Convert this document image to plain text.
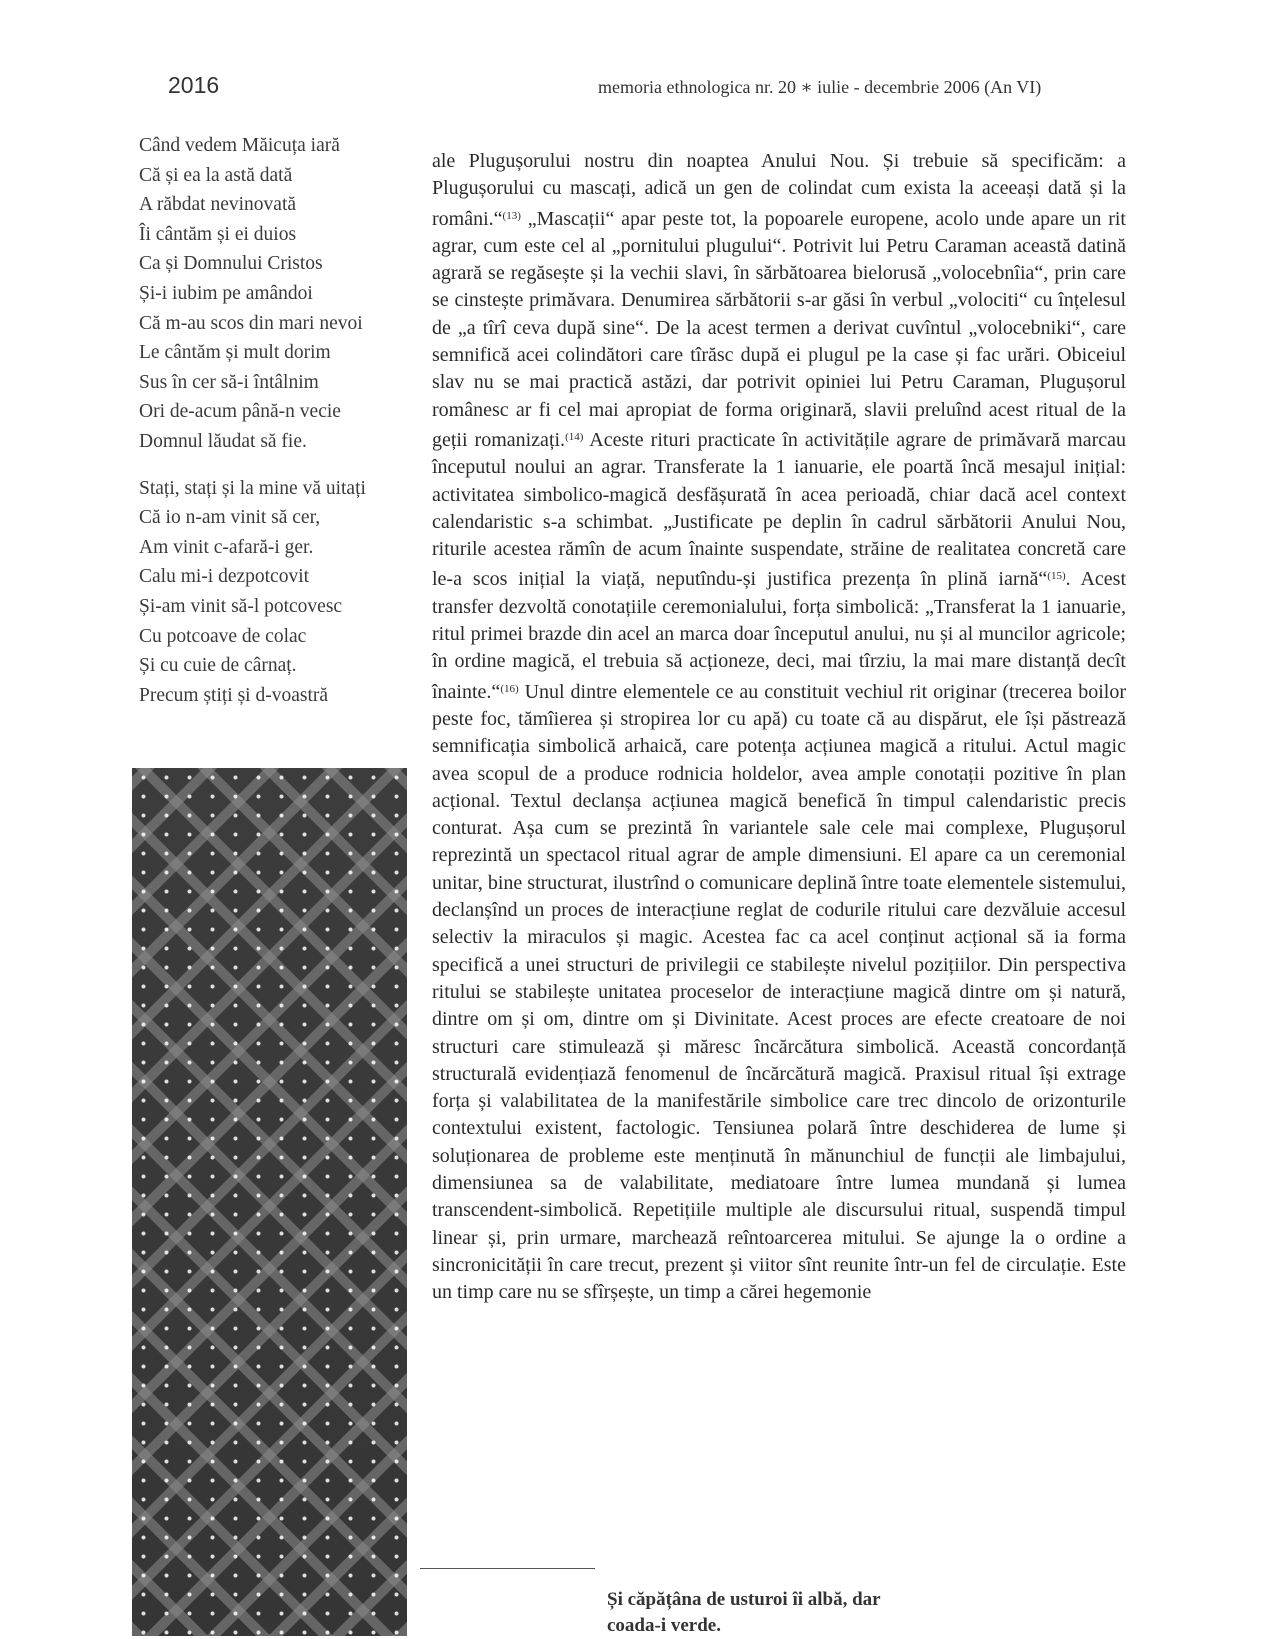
2016	memoria ethnologica nr. 20 ∗ iulie - decembrie 2006 (An VI)
Când vedem Măicuța iară
Că și ea la astă dată
A răbdat nevinovată
Îi cântăm și ei duios
Ca și Domnului Cristos
Și-i iubim pe amândoi
Că m-au scos din mari nevoi
Le cântăm și mult dorim
Sus în cer să-i întâlnim
Ori de-acum până-n vecie
Domnul lăudat să fie.
Stați, stați și la mine vă uitați
Că io n-am vinit să cer,
Am vinit c-afară-i ger.
Calu mi-i dezpotcovit
Și-am vinit să-l potcovesc
Cu potcoave de colac
Și cu cuie de cârnaț.
Precum știți și d-voastră

ale Plugușorului nostru din noaptea Anului Nou. Și trebuie să specificăm: a Plugușorului cu mascați, adică un gen de colindat cum exista la aceeași dată și la români.“$^{(13)}$ „Mascații“ apar peste tot, la popoarele europene, acolo unde apare un rit agrar, cum este cel al „pornitului plugului“. Potrivit lui Petru Caraman această datină agrară se regăsește și la vechii slavi, în sărbătoarea bielorusă „volocebnîia“, prin care se cinstește primăvara. Denumirea sărbătorii s-ar găsi în verbul „volociti“ cu înțelesul de „a tîrî ceva după sine“. De la acest termen a derivat cuvîntul „volocebniki“, care semnifică acei colindători care tîrăsc după ei plugul pe la case și fac urări. Obiceiul slav nu se mai practică astăzi, dar potrivit opiniei lui Petru Caraman, Plugușorul românesc ar fi cel mai apropiat de forma originară, slavii preluînd acest ritual de la geții romanizați.$^{(14)}$ Aceste rituri practicate în activitățile agrare de primăvară marcau începutul noului an agrar. Transferate la 1 ianuarie, ele poartă încă mesajul inițial: activitatea simbolico-magică desfășurată în acea perioadă, chiar dacă acel context calendaristic s-a schimbat. „Justificate pe deplin în cadrul sărbătorii Anului Nou, riturile acestea rămîn de acum înainte suspendate, străine de realitatea concretă care le-a scos inițial la viață, neputîndu-și justifica prezența în plină iarnă“$^{(15)}$. Acest transfer dezvoltă conotațiile ceremonialului, forța simbolică: „Transferat la 1 ianuarie, ritul primei brazde din acel an marca doar începutul anului, nu și al muncilor agricole; în ordine magică, el trebuia să acționeze, deci, mai tîrziu, la mai mare distanță decît înainte.“$^{(16)}$ Unul dintre elementele ce au constituit vechiul rit originar (trecerea boilor peste foc, tămîierea și stropirea lor cu apă) cu toate că au dispărut, ele își păstrează semnificația simbolică arhaică, care potența acțiunea magică a ritului. Actul magic avea scopul de a produce rodnicia holdelor, avea ample conotații pozitive în plan acțional. Textul declanșa acțiunea magică benefică în timpul calendaristic precis conturat. Așa cum se prezintă în variantele sale cele mai complexe, Plugușorul reprezintă un spectacol ritual agrar de ample dimensiuni. El apare ca un ceremonial unitar, bine structurat, ilustrînd o comunicare deplină între toate elementele sistemului, declanșînd un proces de interacțiune reglat de codurile ritului care dezvăluie accesul selectiv la miraculos și magic. Acestea fac ca acel conținut acțional să ia forma specifică a unei structuri de privilegii ce stabilește nivelul pozițiilor. Din perspectiva ritului se stabilește unitatea proceselor de interacțiune magică dintre om și natură, dintre om și om, dintre om și Divinitate. Acest proces are efecte creatoare de noi structuri care stimulează și măresc încărcătura simbolică. Această concordanță structurală evidențiază fenomenul de încărcătură magică. Praxisul ritual își extrage forța și valabilitatea de la manifestările simbolice care trec dincolo de orizonturile contextului existent, factologic. Tensiunea polară între deschiderea de lume și soluționarea de probleme este menținută în mănunchiul de funcții ale limbajului, dimensiunea sa de valabilitate, mediatoare între lumea mundană și lumea transcendent-simbolică. Repetițiile multiple ale discursului ritual, suspendă timpul linear și, prin urmare, marchează reîntoarcerea mitului. Se ajunge la o ordine a sincronicității în care trecut, prezent și viitor sînt reunite într-un fel de circulație. Este un timp care nu se sfîrșește, un timp a cărei hegemonie

Și căpățâna de usturoi îi albă, dar
coada-i verde.
